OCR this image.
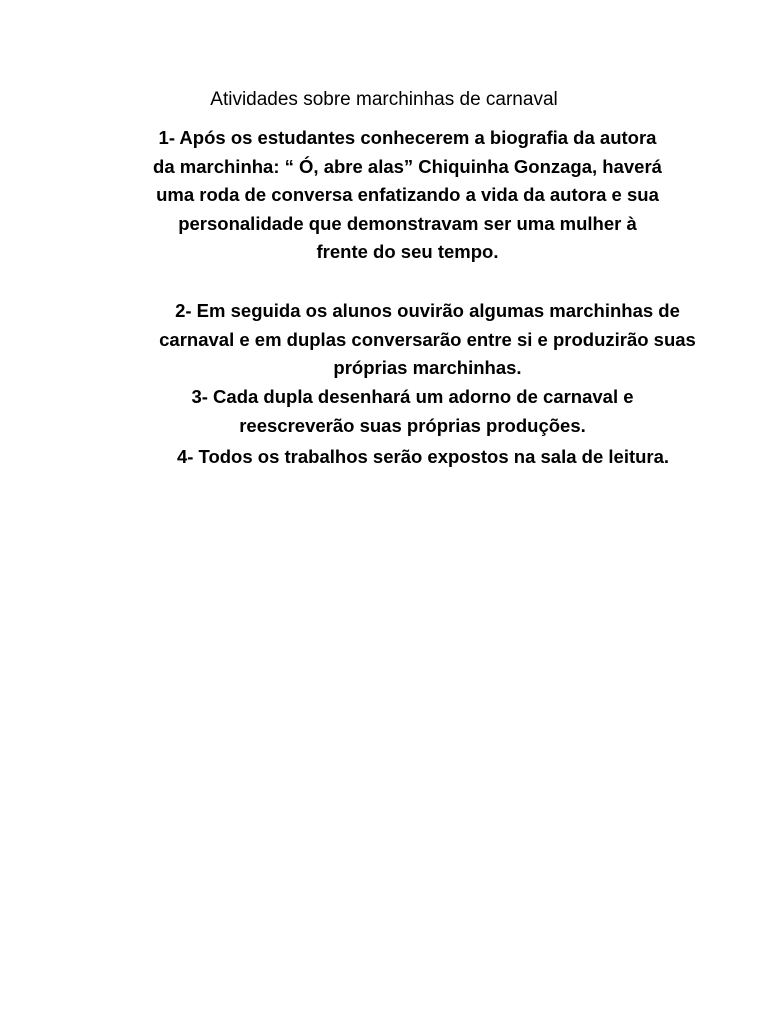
Atividades sobre marchinhas de carnaval

1- Após os estudantes conhecerem a biografia da autora da marchinha: “ Ó, abre alas” Chiquinha Gonzaga, haverá uma roda de conversa enfatizando a vida da autora e sua personalidade que demonstravam ser uma mulher à frente do seu tempo.

2- Em seguida os alunos ouvirão algumas marchinhas de carnaval e em duplas conversarão entre si e produzirão suas próprias marchinhas.

3- Cada dupla desenhará um adorno de carnaval e reescreverão suas próprias produções.

4- Todos os trabalhos serão expostos na sala de leitura.
